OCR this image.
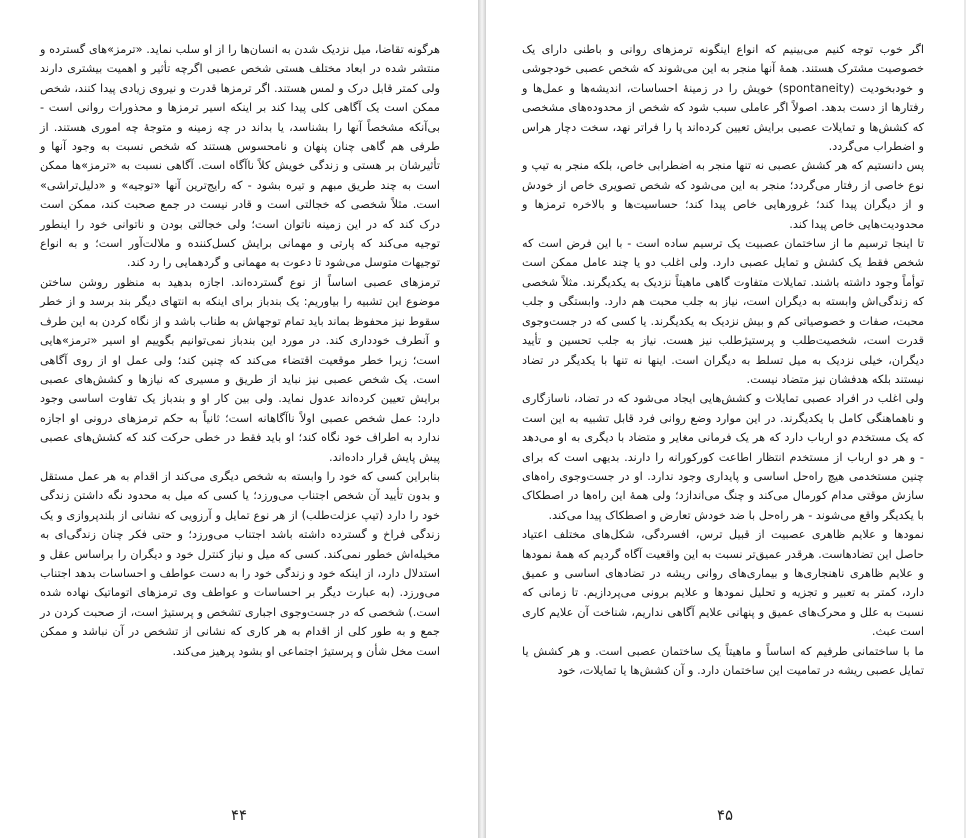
هرگونه تقاضا، میل نزدیک شدن به انسان‌ها را از او سلب نماید. «ترمز»های گسترده و منتشر شده در ابعاد مختلف هستی شخص عصبی اگرچه تأثیر و اهمیت بیشتری دارند ولی کمتر قابل درک و لمس هستند. اگر ترمزها قدرت و نیروی زیادی پیدا کنند، شخص ممکن است یک آگاهی کلی پیدا کند بر اینکه اسیر ترمزها و محذورات روانی است - بی‌آنکه مشخصاً آنها را بشناسد، یا بداند در چه زمینه و متوجهٔ چه اموری هستند. از طرفی هم گاهی چنان پنهان و نامحسوس هستند که شخص نسبت به وجود آنها و تأثیرشان بر هستی و زندگی خویش کلاً ناآگاه است. آگاهی نسبت به «ترمز»ها ممکن است به چند طریق مبهم و تیره بشود - که رایج‌ترین آنها «توجیه» و «دلیل‌تراشی» است. مثلاً شخصی که خجالتی است و قادر نیست در جمع صحبت کند، ممکن است درک کند که در این زمینه ناتوان است؛ ولی خجالتی بودن و ناتوانی خود را اینطور توجیه می‌کند که پارتی و مهمانی برایش کسل‌کننده و ملالت‌آور است؛ و به انواع توجیهات متوسل می‌شود تا دعوت به مهمانی و گردهمایی را رد کند.

ترمزهای عصبی اساساً از نوع گسترده‌اند. اجازه بدهید به منظور روشن ساختن موضوع این تشبیه را بیاوریم: یک بندباز برای اینکه به انتهای دیگر بند برسد و از خطر سقوط نیز محفوظ بماند باید تمام توجهاش به طناب باشد و از نگاه کردن به این طرف و آنطرف خودداری کند. در مورد این بندباز نمی‌توانیم بگوییم او اسیر «ترمز»هایی است؛ زیرا خطر موقعیت اقتضاء می‌کند که چنین کند؛ ولی عمل او از روی آگاهی است. یک شخص عصبی نیز نباید از طریق و مسیری که نیازها و کشش‌های عصبی برایش تعیین کرده‌اند عدول نماید. ولی بین کار او و بندباز یک تفاوت اساسی وجود دارد: عمل شخص عصبی اولاً ناآگاهانه است؛ ثانیاً به حکم ترمزهای درونی او اجازه ندارد به اطراف خود نگاه کند؛ او باید فقط در خطی حرکت کند که کشش‌های عصبی پیش پایش قرار داده‌اند.

بنابراین کسی که خود را وابسته به شخص دیگری می‌کند از اقدام به هر عمل مستقل و بدون تأیید آن شخص اجتناب می‌ورزد؛ یا کسی که میل به محدود نگه داشتن زندگی خود را دارد (تیپ عزلت‌طلب) از هر نوع تمایل و آرزویی که نشانی از بلندپروازی و یک زندگی فراخ و گسترده داشته باشد اجتناب می‌ورزد؛ و حتی فکر چنان زندگی‌ای به مخیله‌اش خطور نمی‌کند. کسی که میل و نیاز کنترل خود و دیگران را براساس عقل و استدلال دارد، از اینکه خود و زندگی خود را به دست عواطف و احساسات بدهد اجتناب می‌ورزد. (به عبارت دیگر بر احساسات و عواطف وی ترمزهای اتوماتیک نهاده شده است.) شخصی که در جست‌وجوی اجباری تشخص و پرستیژ است، از صحبت کردن در جمع و به طور کلی از اقدام به هر کاری که نشانی از تشخص در آن نباشد و ممکن است مخل شأن و پرستیژ اجتماعی او بشود پرهیز می‌کند.

۴۴

اگر خوب توجه کنیم می‌بینیم که انواع اینگونه ترمزهای روانی و باطنی دارای یک خصوصیت مشترک هستند. همهٔ آنها منجر به این می‌شوند که شخص عصبی خودجوشی و خودبخودیت (spontaneity) خویش را در زمینهٔ احساسات، اندیشه‌ها و عمل‌ها و رفتارها از دست بدهد. اصولاً اگر عاملی سبب شود که شخص از محدوده‌های مشخصی که کشش‌ها و تمایلات عصبی برایش تعیین کرده‌اند پا را فراتر نهد، سخت دچار هراس و اضطراب می‌گردد.

پس دانستیم که هر کشش عصبی نه تنها منجر به اضطرابی خاص، بلکه منجر به تیپ و نوع خاصی از رفتار می‌گردد؛ منجر به این می‌شود که شخص تصویری خاص از خودش و از دیگران پیدا کند؛ غرورهایی خاص پیدا کند؛ حساسیت‌ها و بالاخره ترمزها و محدودیت‌هایی خاص پیدا کند.

تا اینجا ترسیم ما از ساختمان عصبیت یک ترسیم ساده است - با این فرض است که شخص فقط یک کشش و تمایل عصبی دارد. ولی اغلب دو یا چند عامل ممکن است توأماً وجود داشته باشند. تمایلات متفاوت گاهی ماهیتاً نزدیک به یکدیگرند. مثلاً شخصی که زندگی‌اش وابسته به دیگران است، نیاز به جلب محبت هم دارد. وابستگی و جلب محبت، صفات و خصوصیاتی کم و بیش نزدیک به یکدیگرند. یا کسی که در جست‌وجوی قدرت است، شخصیت‌طلب و پرستیژطلب نیز هست. نیاز به جلب تحسین و تأیید دیگران، خیلی نزدیک به میل تسلط به دیگران است. اینها نه تنها با یکدیگر در تضاد نیستند بلکه هدفشان نیز متضاد نیست.

ولی اغلب در افراد عصبی تمایلات و کشش‌هایی ایجاد می‌شود که در تضاد، ناسازگاری و ناهماهنگی کامل با یکدیگرند. در این موارد وضع روانی فرد قابل تشبیه به این است که یک مستخدم دو ارباب دارد که هر یک فرمانی مغایر و متضاد با دیگری به او می‌دهد - و هر دو ارباب از مستخدم انتظار اطاعت کورکورانه را دارند. بدیهی است که برای چنین مستخدمی هیچ راه‌حل اساسی و پایداری وجود ندارد. او در جست‌وجوی راه‌های سازش موقتی مدام کورمال می‌کند و چنگ می‌اندازد؛ ولی همهٔ این راه‌ها در اصطکاک با یکدیگر واقع می‌شوند - هر راه‌حل با ضد خودش تعارض و اصطکاک پیدا می‌کند.

نمودها و علایم ظاهری عصبیت از قبیل ترس، افسردگی، شکل‌های مختلف اعتیاد حاصل این تضادهاست. هرقدر عمیق‌تر نسبت به این واقعیت آگاه گردیم که همهٔ نمودها و علایم ظاهری ناهنجاری‌ها و بیماری‌های روانی ریشه در تضادهای اساسی و عمیق دارد، کمتر به تعبیر و تجزیه و تحلیل نمودها و علایم برونی می‌پردازیم. تا زمانی که نسبت به علل و محرک‌های عمیق و پنهانی علایم آگاهی نداریم، شناخت آن علایم کاری است عبث.

ما با ساختمانی طرفیم که اساساً و ماهیتاً یک ساختمان عصبی است. و هر کشش یا تمایل عصبی ریشه در تمامیت این ساختمان دارد. و آن کشش‌ها یا تمایلات، خود

۴۵
